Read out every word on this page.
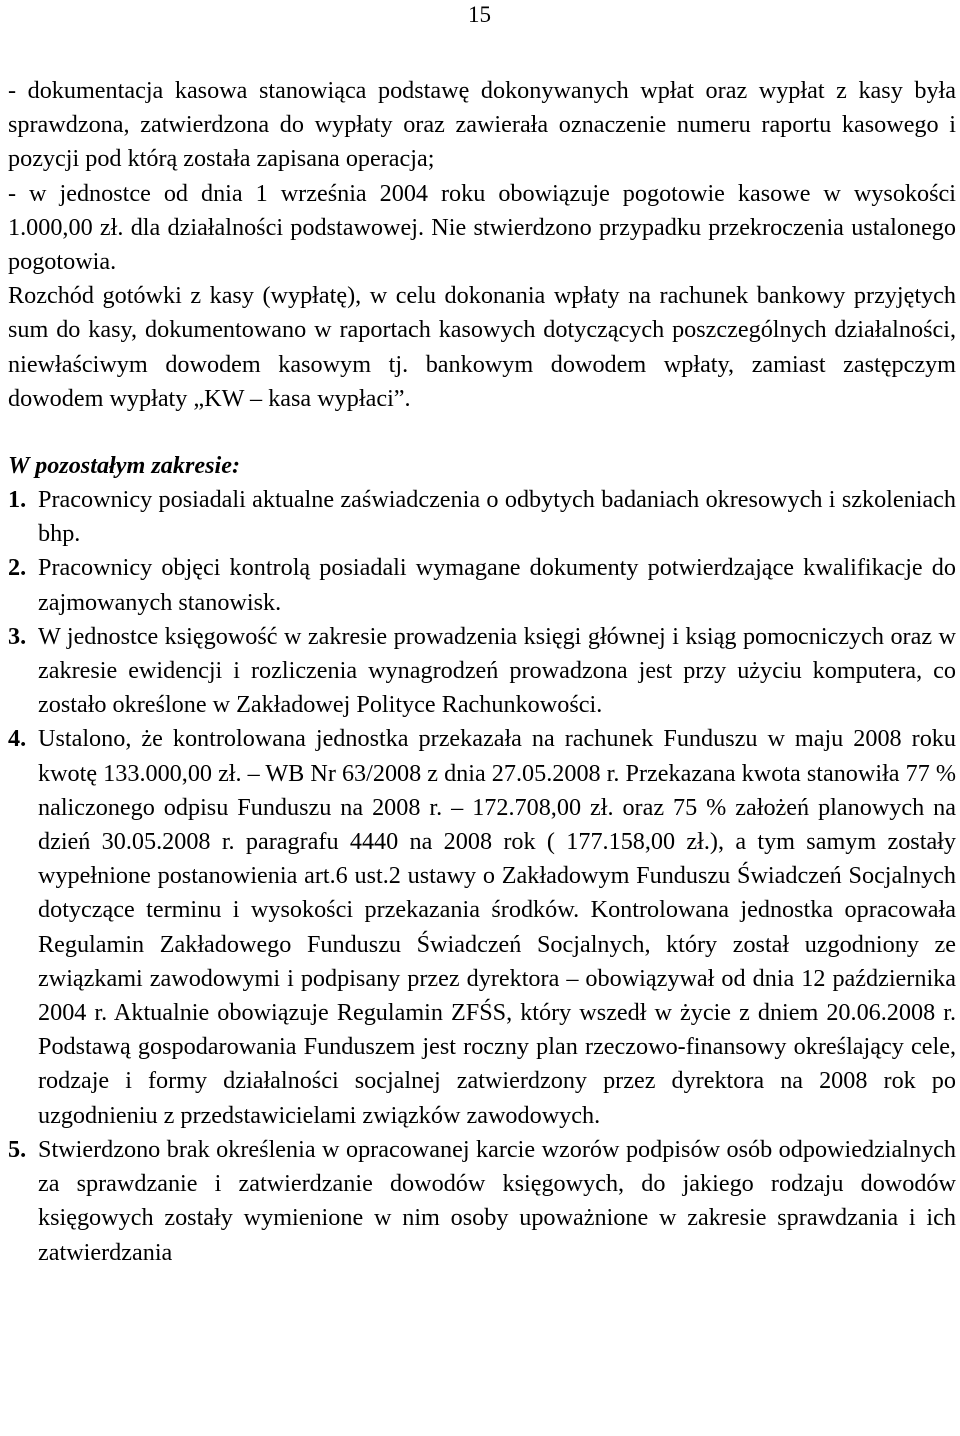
15

- dokumentacja kasowa stanowiąca podstawę dokonywanych wpłat oraz wypłat z kasy była sprawdzona, zatwierdzona do wypłaty oraz zawierała oznaczenie numeru raportu kasowego i pozycji pod którą została zapisana operacja;

- w jednostce od dnia 1 września 2004 roku obowiązuje pogotowie kasowe w wysokości 1.000,00 zł. dla działalności podstawowej. Nie stwierdzono przypadku przekroczenia ustalonego pogotowia.

Rozchód gotówki z kasy (wypłatę), w celu dokonania wpłaty na rachunek bankowy przyjętych sum do kasy, dokumentowano w raportach kasowych dotyczących poszczególnych działalności, niewłaściwym dowodem kasowym tj. bankowym dowodem wpłaty, zamiast zastępczym dowodem wypłaty „KW – kasa wypłaci”.

W pozostałym zakresie:

1. Pracownicy posiadali aktualne zaświadczenia o odbytych badaniach okresowych i szkoleniach bhp.
2. Pracownicy objęci kontrolą posiadali wymagane dokumenty potwierdzające kwalifikacje do zajmowanych stanowisk.
3. W jednostce księgowość w zakresie prowadzenia księgi głównej i ksiąg pomocniczych oraz w zakresie ewidencji i rozliczenia wynagrodzeń prowadzona jest przy użyciu komputera, co zostało określone w Zakładowej Polityce Rachunkowości.
4. Ustalono, że kontrolowana jednostka przekazała na rachunek Funduszu w maju 2008 roku kwotę 133.000,00 zł. – WB Nr 63/2008 z dnia 27.05.2008 r. Przekazana kwota stanowiła 77 % naliczonego odpisu Funduszu na 2008 r. – 172.708,00 zł. oraz 75 % założeń planowych na dzień 30.05.2008 r. paragrafu 4440 na 2008 rok ( 177.158,00 zł.), a tym samym zostały wypełnione postanowienia art.6 ust.2 ustawy o Zakładowym Funduszu Świadczeń Socjalnych dotyczące terminu i wysokości przekazania środków. Kontrolowana jednostka opracowała Regulamin Zakładowego Funduszu Świadczeń Socjalnych, który został uzgodniony ze związkami zawodowymi i podpisany przez dyrektora – obowiązywał od dnia 12 października 2004 r. Aktualnie obowiązuje Regulamin ZFŚS, który wszedł w życie z dniem 20.06.2008 r. Podstawą gospodarowania Funduszem jest roczny plan rzeczowo-finansowy określający cele, rodzaje i formy działalności socjalnej zatwierdzony przez dyrektora na 2008 rok po uzgodnieniu z przedstawicielami związków zawodowych.
5. Stwierdzono brak określenia w opracowanej karcie wzorów podpisów osób odpowiedzialnych za sprawdzanie i zatwierdzanie dowodów księgowych, do jakiego rodzaju dowodów księgowych zostały wymienione w nim osoby upoważnione w zakresie sprawdzania i ich zatwierdzania
